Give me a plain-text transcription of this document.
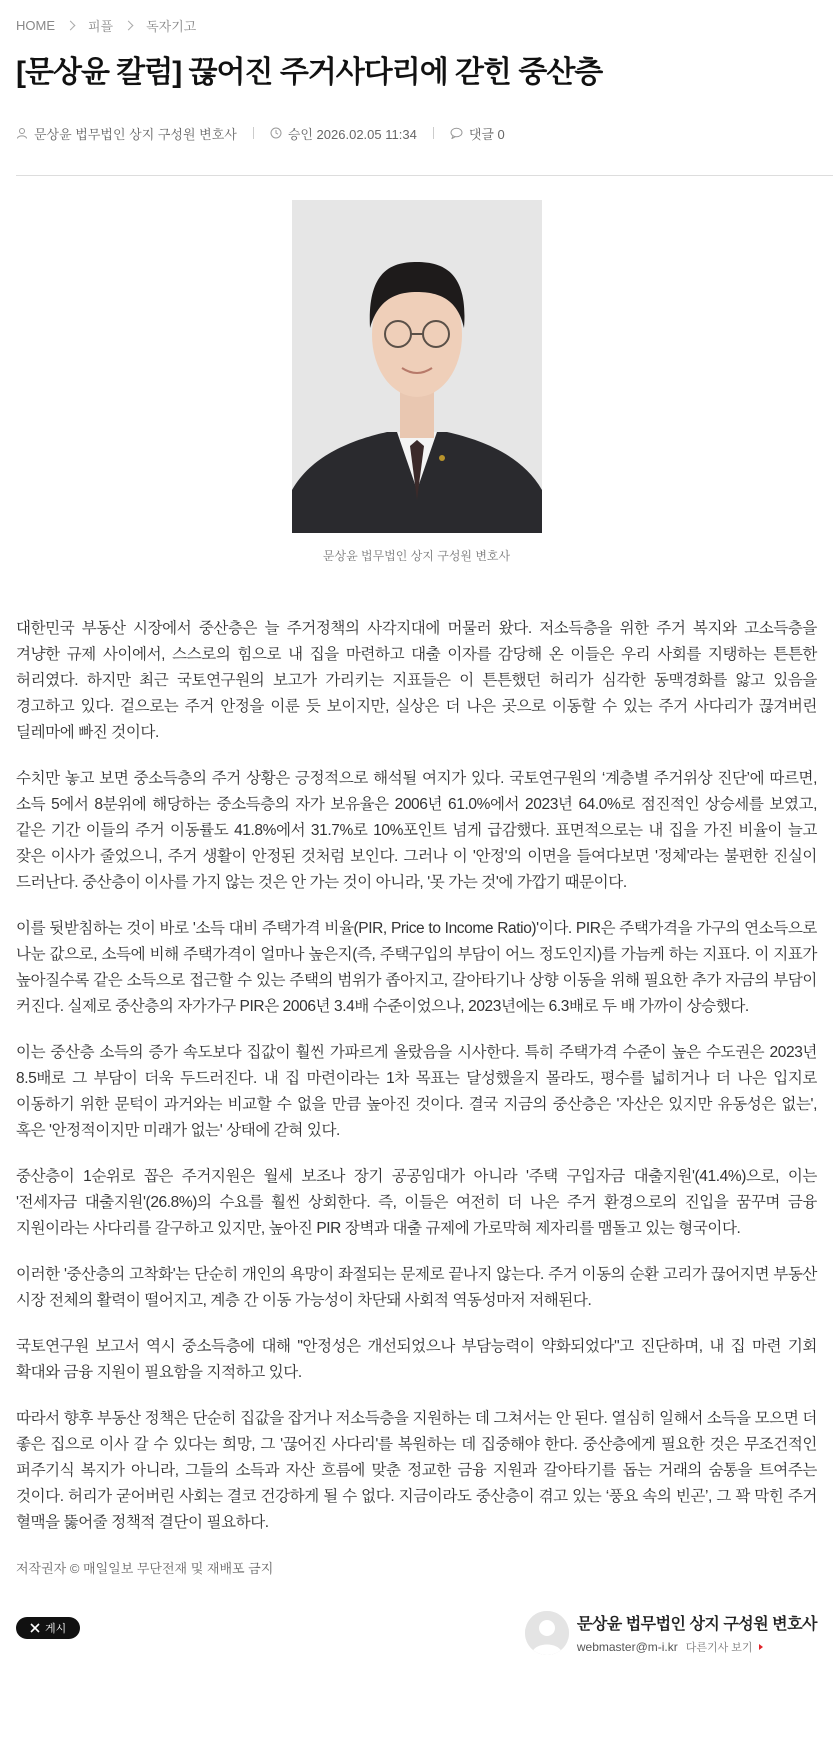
HOME	피플	독자기고
[문상윤 칼럼] 끊어진 주거사다리에 갇힌 중산층
문상윤 법무법인 상지 구성원 변호사	승인 2026.02.05 11:34	댓글 0
문상윤 법무법인 상지 구성원 변호사

대한민국 부동산 시장에서 중산층은 늘 주거정책의 사각지대에 머물러 왔다. 저소득층을 위한 주거 복지와 고소득층을 겨냥한 규제 사이에서, 스스로의 힘으로 내 집을 마련하고 대출 이자를 감당해 온 이들은 우리 사회를 지탱하는 튼튼한 허리였다. 하지만 최근 국토연구원의 보고가 가리키는 지표들은 이 튼튼했던 허리가 심각한 동맥경화를 앓고 있음을 경고하고 있다. 겉으로는 주거 안정을 이룬 듯 보이지만, 실상은 더 나은 곳으로 이동할 수 있는 주거 사다리가 끊겨버린 딜레마에 빠진 것이다.

수치만 놓고 보면 중소득층의 주거 상황은 긍정적으로 해석될 여지가 있다. 국토연구원의 ‘계층별 주거위상 진단’에 따르면, 소득 5에서 8분위에 해당하는 중소득층의 자가 보유율은 2006년 61.0%에서 2023년 64.0%로 점진적인 상승세를 보였고, 같은 기간 이들의 주거 이동률도 41.8%에서 31.7%로 10%포인트 넘게 급감했다. 표면적으로는 내 집을 가진 비율이 늘고 잦은 이사가 줄었으니, 주거 생활이 안정된 것처럼 보인다. 그러나 이 '안정'의 이면을 들여다보면 '정체'라는 불편한 진실이 드러난다. 중산층이 이사를 가지 않는 것은 안 가는 것이 아니라, '못 가는 것'에 가깝기 때문이다.

이를 뒷받침하는 것이 바로 '소득 대비 주택가격 비율(PIR, Price to Income Ratio)'이다. PIR은 주택가격을 가구의 연소득으로 나눈 값으로, 소득에 비해 주택가격이 얼마나 높은지(즉, 주택구입의 부담이 어느 정도인지)를 가늠케 하는 지표다. 이 지표가 높아질수록 같은 소득으로 접근할 수 있는 주택의 범위가 좁아지고, 갈아타기나 상향 이동을 위해 필요한 추가 자금의 부담이 커진다. 실제로 중산층의 자가가구 PIR은 2006년 3.4배 수준이었으나, 2023년에는 6.3배로 두 배 가까이 상승했다.

이는 중산층 소득의 증가 속도보다 집값이 훨씬 가파르게 올랐음을 시사한다. 특히 주택가격 수준이 높은 수도권은 2023년 8.5배로 그 부담이 더욱 두드러진다. 내 집 마련이라는 1차 목표는 달성했을지 몰라도, 평수를 넓히거나 더 나은 입지로 이동하기 위한 문턱이 과거와는 비교할 수 없을 만큼 높아진 것이다. 결국 지금의 중산층은 '자산은 있지만 유동성은 없는', 혹은 '안정적이지만 미래가 없는' 상태에 갇혀 있다.

중산층이 1순위로 꼽은 주거지원은 월세 보조나 장기 공공임대가 아니라 '주택 구입자금 대출지원'(41.4%)으로, 이는 '전세자금 대출지원'(26.8%)의 수요를 훨씬 상회한다. 즉, 이들은 여전히 더 나은 주거 환경으로의 진입을 꿈꾸며 금융 지원이라는 사다리를 갈구하고 있지만, 높아진 PIR 장벽과 대출 규제에 가로막혀 제자리를 맴돌고 있는 형국이다.

이러한 '중산층의 고착화'는 단순히 개인의 욕망이 좌절되는 문제로 끝나지 않는다. 주거 이동의 순환 고리가 끊어지면 부동산 시장 전체의 활력이 떨어지고, 계층 간 이동 가능성이 차단돼 사회적 역동성마저 저해된다.

국토연구원 보고서 역시 중소득층에 대해 "안정성은 개선되었으나 부담능력이 약화되었다"고 진단하며, 내 집 마련 기회 확대와 금융 지원이 필요함을 지적하고 있다.

따라서 향후 부동산 정책은 단순히 집값을 잡거나 저소득층을 지원하는 데 그쳐서는 안 된다. 열심히 일해서 소득을 모으면 더 좋은 집으로 이사 갈 수 있다는 희망, 그 '끊어진 사다리'를 복원하는 데 집중해야 한다. 중산층에게 필요한 것은 무조건적인 퍼주기식 복지가 아니라, 그들의 소득과 자산 흐름에 맞춘 정교한 금융 지원과 갈아타기를 돕는 거래의 숨통을 트여주는 것이다. 허리가 굳어버린 사회는 결코 건강하게 될 수 없다. 지금이라도 중산층이 겪고 있는 ‘풍요 속의 빈곤’, 그 꽉 막힌 주거 혈맥을 뚫어줄 정책적 결단이 필요하다.

저작권자 © 매일일보 무단전재 및 재배포 금지
게시	문상윤 법무법인 상지 구성원 변호사
webmaster@m-i.kr 다른기사 보기
